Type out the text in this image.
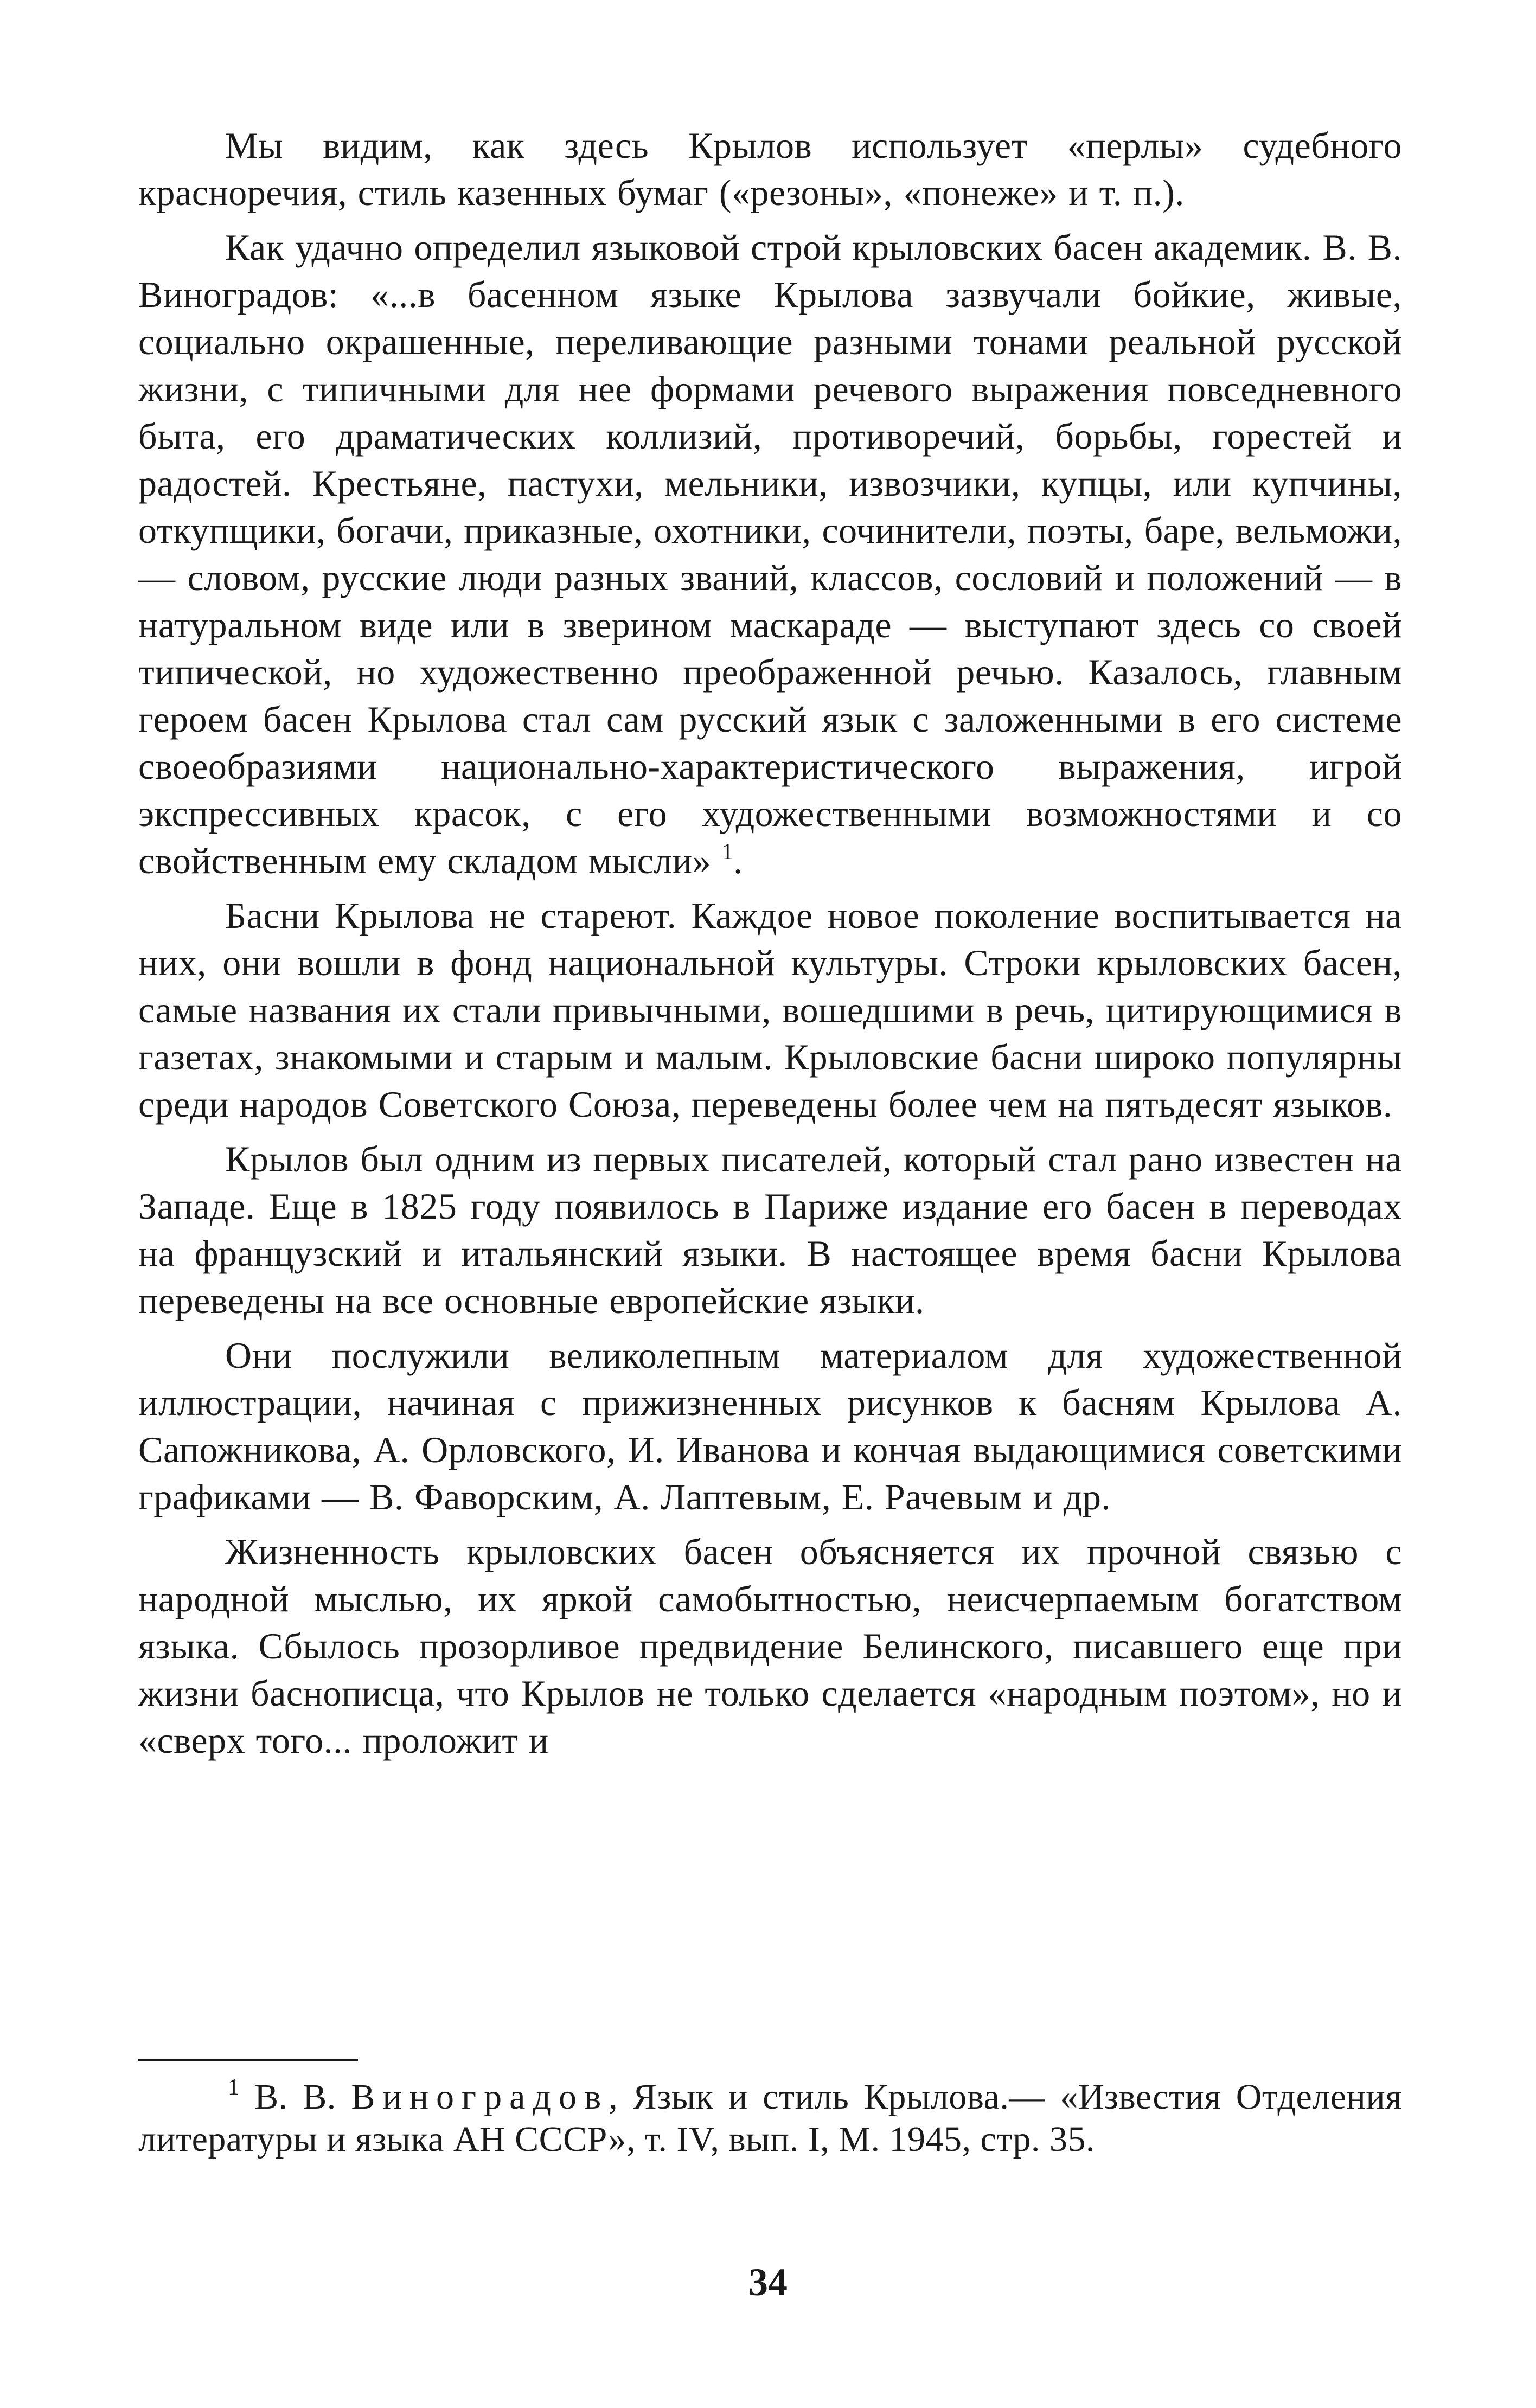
Мы видим, как здесь Крылов использует «перлы» судебного красноречия, стиль казенных бумаг («резоны», «понеже» и т. п.).

Как удачно определил языковой строй крыловских басен академик. В. В. Виноградов: «...в басенном языке Крылова зазвучали бойкие, живые, социально окрашенные, переливающие разными тонами реальной русской жизни, с типичными для нее формами речевого выражения повседневного быта, его драматических коллизий, противоречий, борьбы, горестей и радостей. Крестьяне, пастухи, мельники, извозчики, купцы, или купчины, откупщики, богачи, приказные, охотники, сочинители, поэты, баре, вельможи,— словом, русские люди разных званий, классов, сословий и положений — в натуральном виде или в зверином маскараде — выступают здесь со своей типической, но художественно преображенной речью. Казалось, главным героем басен Крылова стал сам русский язык с заложенными в его системе своеобразиями национально-характеристического выражения, игрой экспрессивных красок, с его художественными возможностями и со свойственным ему складом мысли» $^1$.

Басни Крылова не стареют. Каждое новое поколение воспитывается на них, они вошли в фонд национальной культуры. Строки крыловских басен, самые названия их стали привычными, вошедшими в речь, цитирующимися в газетах, знакомыми и старым и малым. Крыловские басни широко популярны среди народов Советского Союза, переведены более чем на пятьдесят языков.

Крылов был одним из первых писателей, который стал рано известен на Западе. Еще в 1825 году появилось в Париже издание его басен в переводах на французский и итальянский языки. В настоящее время басни Крылова переведены на все основные европейские языки.

Они послужили великолепным материалом для художественной иллюстрации, начиная с прижизненных рисунков к басням Крылова А. Сапожникова, А. Орловского, И. Иванова и кончая выдающимися советскими графиками — В. Фаворским, А. Лаптевым, Е. Рачевым и др.

Жизненность крыловских басен объясняется их прочной связью с народной мыслью, их яркой самобытностью, неисчерпаемым богатством языка. Сбылось прозорливое предвидение Белинского, писавшего еще при жизни баснописца, что Крылов не только сделается «народным поэтом», но и «сверх того... проложит и

$^1$ В. В. Виноградов, Язык и стиль Крылова.— «Известия Отделения литературы и языка АН СССР», т. IV, вып. I, М. 1945, стр. 35.

34
